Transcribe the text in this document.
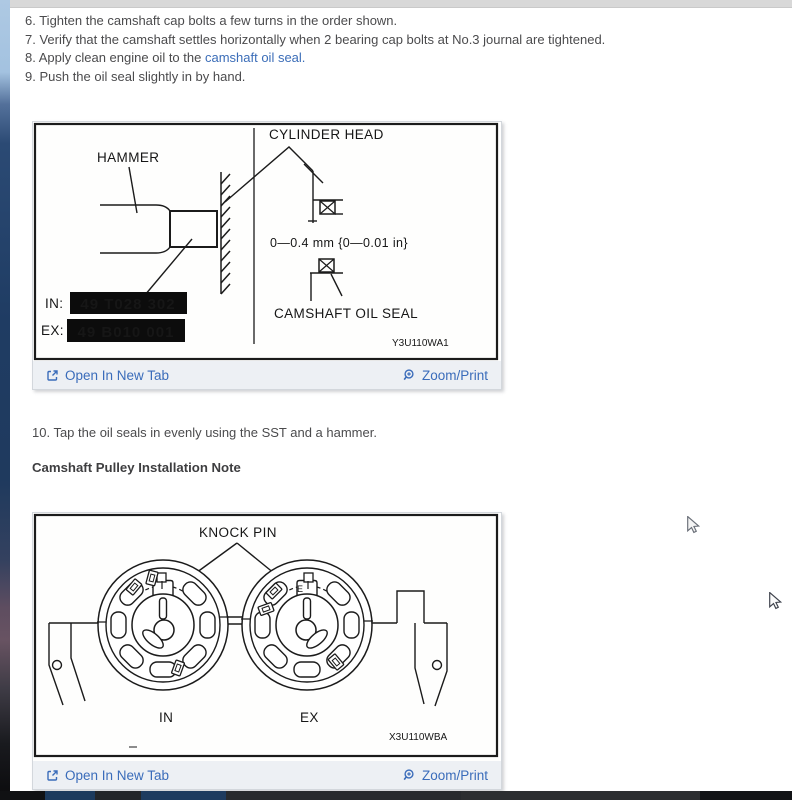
6. Tighten the camshaft cap bolts a few turns in the order shown.
7. Verify that the camshaft settles horizontally when 2 bearing cap bolts at No.3 journal are tightened.
8. Apply clean engine oil to the camshaft oil seal.
9. Push the oil seal slightly in by hand.
HAMMER
CYLINDER HEAD
0—0.4 mm {0—0.01 in}
CAMSHAFT OIL SEAL
IN: 49 T028 302
EX: 49 B010 001
Y3U110WA1
Open In New Tab	Zoom/Print
10. Tap the oil seals in evenly using the SST and a hammer.
Camshaft Pulley Installation Note
E
KNOCK PIN
IN	EX
X3U110WBA
Open In New Tab	Zoom/Print
